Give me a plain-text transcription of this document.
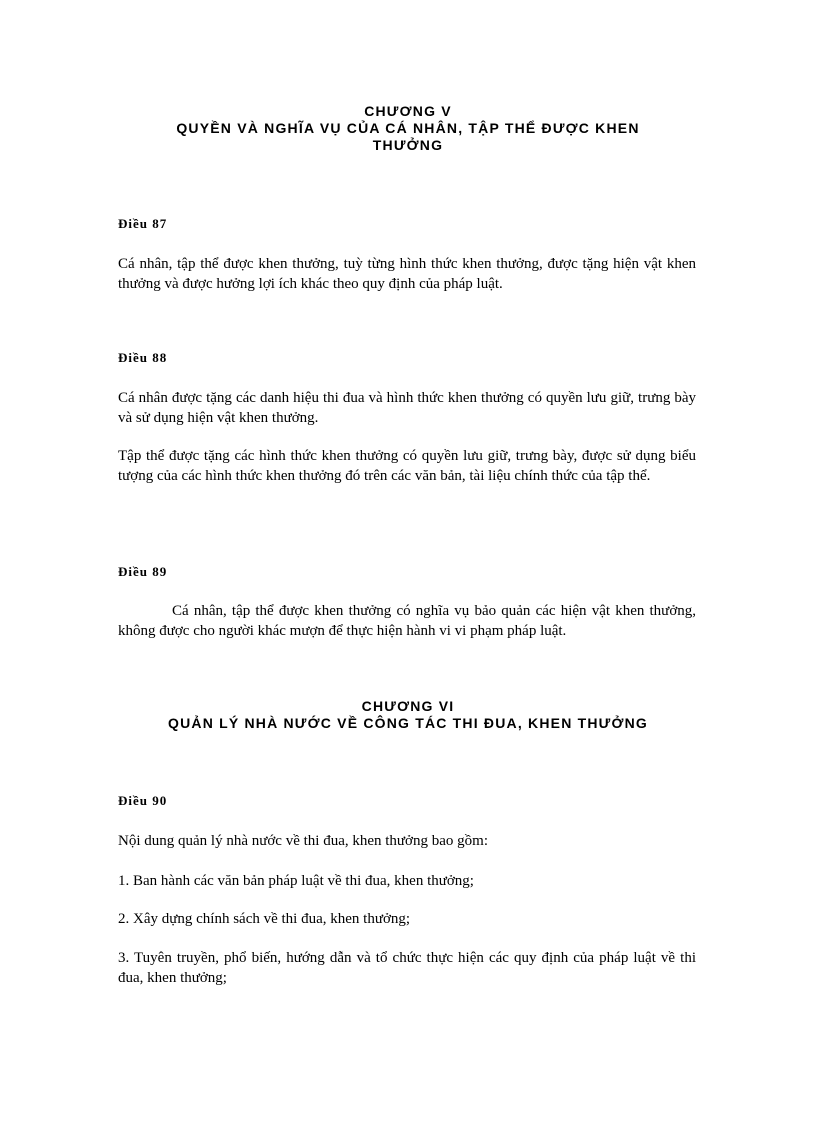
CHƯƠNG V
QUYỀN VÀ NGHĨA VỤ CỦA CÁ NHÂN, TẬP THỂ ĐƯỢC KHEN
THƯỞNG
Điều 87
Cá nhân, tập thể được khen thưởng, tuỳ từng hình thức khen thưởng, được tặng hiện vật khen thưởng và được hưởng lợi ích khác theo quy định của pháp luật.
Điều 88
Cá nhân được tặng các danh hiệu thi đua và hình thức khen thưởng có quyền lưu giữ, trưng bày và sử dụng hiện vật khen thưởng.
Tập thể được tặng các hình thức khen thưởng có quyền lưu giữ, trưng bày, được sử dụng biểu tượng của các hình thức khen thưởng đó trên các văn bản, tài liệu chính thức của tập thể.
Điều 89
Cá nhân, tập thể được khen thưởng có nghĩa vụ bảo quản các hiện vật khen thưởng, không được cho người khác mượn để thực hiện hành vi vi phạm pháp luật.
CHƯƠNG VI
QUẢN LÝ NHÀ NƯỚC VỀ CÔNG TÁC THI ĐUA, KHEN THƯỞNG
Điều 90
Nội dung quản lý nhà nước về thi đua, khen thưởng bao gồm:
1. Ban hành các văn bản pháp luật về thi đua, khen thưởng;
2. Xây dựng chính sách về thi đua, khen thưởng;
3. Tuyên truyền, phổ biến, hướng dẫn và tổ chức thực hiện các quy định của pháp luật về thi đua, khen thưởng;
